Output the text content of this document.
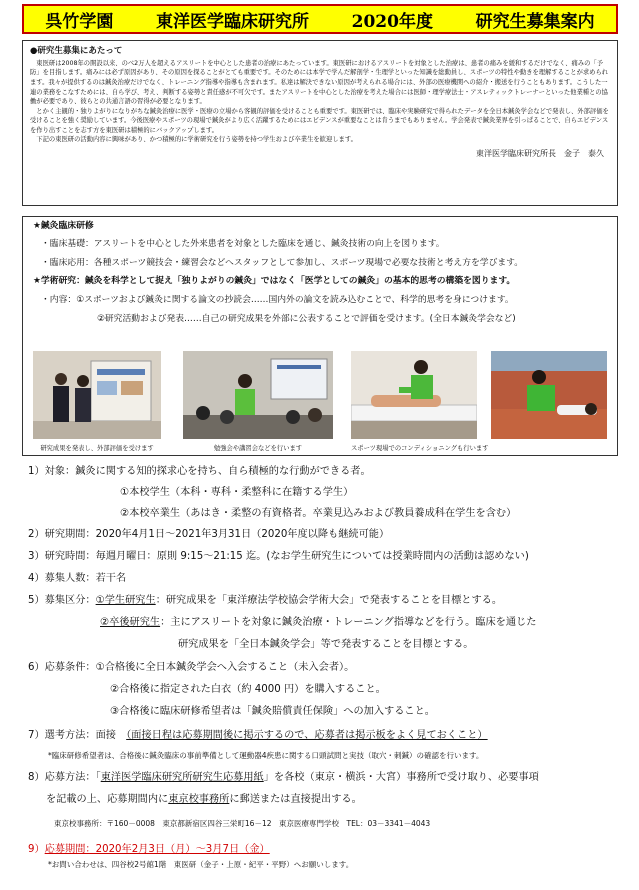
呉竹学園	東洋医学臨床研究所	2020年度	研究生募集案内
●研究生募集にあたって
東医研は2008年の開設以来、のべ2万人を超えるアスリートを中心とした患者の治療にあたっています。東医研におけるアスリートを対象とした治療は、患者の痛みを緩和するだけでなく、痛みの「予防」を目指します。痛みには必ず原因があり、その原因を探ることがとても重要です。そのためには本学で学んだ解剖学・生理学といった知識を総動員し、スポーツの特性や動きを理解することが求められます。我々が提供するのは鍼灸治療だけでなく、トレーニング指導や指導も含まれます。私達は解決できない原因が考えられる場合には、外部の医療機関への紹介・搬送を行うこともあります。こうした一連の業務をこなすためには、自ら学び、考え、判断する姿勢と責任感が不可欠です。またアスリートを中心とした治療を考えた場合には医師・理学療法士・アスレティックトレーナーといった他業種との協働が必要であり、彼らとの共通言語の習得が必要となります。
とかく主観的・独りよがりになりがちな鍼灸治療に医学・医療の立場から客観的評価を受けることも重要です。東医研では、臨床や実験研究で得られたデータを全日本鍼灸学会などで発表し、外部評価を受けることを強く奨励しています。今後医療やスポーツの現場で鍼灸がより広く活躍するためにはエビデンスが重要なことは肯うまでもありません。学会発表で鍼灸業界を引っぱることで、自らエビデンスを作り出すことを志す方を東医研は積極的にバックアップします。
下記の東医研の活動内容に興味があり、かつ積極的に学術研究を行う姿勢を持つ学生および卒業生を歓迎します。
東洋医学臨床研究所長　金子　泰久
★鍼灸臨床研修
・臨床基礎：アスリートを中心とした外来患者を対象とした臨床を通じ、鍼灸技術の向上を図ります。
・臨床応用：各種スポーツ競技会・練習会などへスタッフとして参加し、スポーツ現場で必要な技術と考え方を学びます。
★学術研究：鍼灸を科学として捉え「独りよがりの鍼灸」ではなく「医学としての鍼灸」の基本的思考の構築を図ります。
・内容：①スポーツおよび鍼灸に関する論文の抄読会……国内外の論文を読み込むことで、科学的思考を身につけます。
②研究活動および発表……自己の研究成果を外部に公表することで評価を受けます。(全日本鍼灸学会など)
研究成果を発表し、外部評価を受けます	勉強会や講習会などを行います	スポーツ現場でのコンディショニングも行います
1）対象：鍼灸に関する知的探求心を持ち、自ら積極的な行動ができる者。
①本校学生（本科・専科・柔整科に在籍する学生）
②本校卒業生（あはき・柔整の有資格者。卒業見込みおよび教員養成科在学生を含む）
2）研究期間：2020年4月1日～2021年3月31日（2020年度以降も継続可能）
3）研究時間：毎週月曜日：原則 9:15～21:15 迄。(なお学生研究生については授業時間内の活動は認めない)
4）募集人数：若干名
5）募集区分：①学生研究生：研究成果を「東洋療法学校協会学術大会」で発表することを目標とする。
②卒後研究生：主にアスリートを対象に鍼灸治療・トレーニング指導などを行う。臨床を通じた
研究成果を「全日本鍼灸学会」等で発表することを目標とする。
6）応募条件：①合格後に全日本鍼灸学会へ入会すること（未入会者）。
②合格後に指定された白衣（約 4000 円）を購入すること。
③合格後に臨床研修希望者は「鍼灸賠償責任保険」への加入すること。
7）選考方法：面接　（面接日程は応募期間後に掲示するので、応募者は掲示板をよく見ておくこと）
*臨床研修希望者は、合格後に鍼灸臨床の事前準備として運動器4疾患に関する口頭試問と実技（取穴・刺鍼）の確認を行います。
8）応募方法：「東洋医学臨床研究所研究生応募用紙」を各校（東京・横浜・大宮）事務所で受け取り、必要事項
を記載の上、応募期間内に東京校事務所に郵送または直接提出する。
東京校事務所：〒160－0008　東京都新宿区四谷三栄町16－12　東京医療専門学校　TEL：03－3341－4043
9）応募期間：2020年2月3日（月）～3月7日（金）
*お問い合わせは、四谷校2号館1階　東医研（金子・上原・紀平・平野）へお願いします。
